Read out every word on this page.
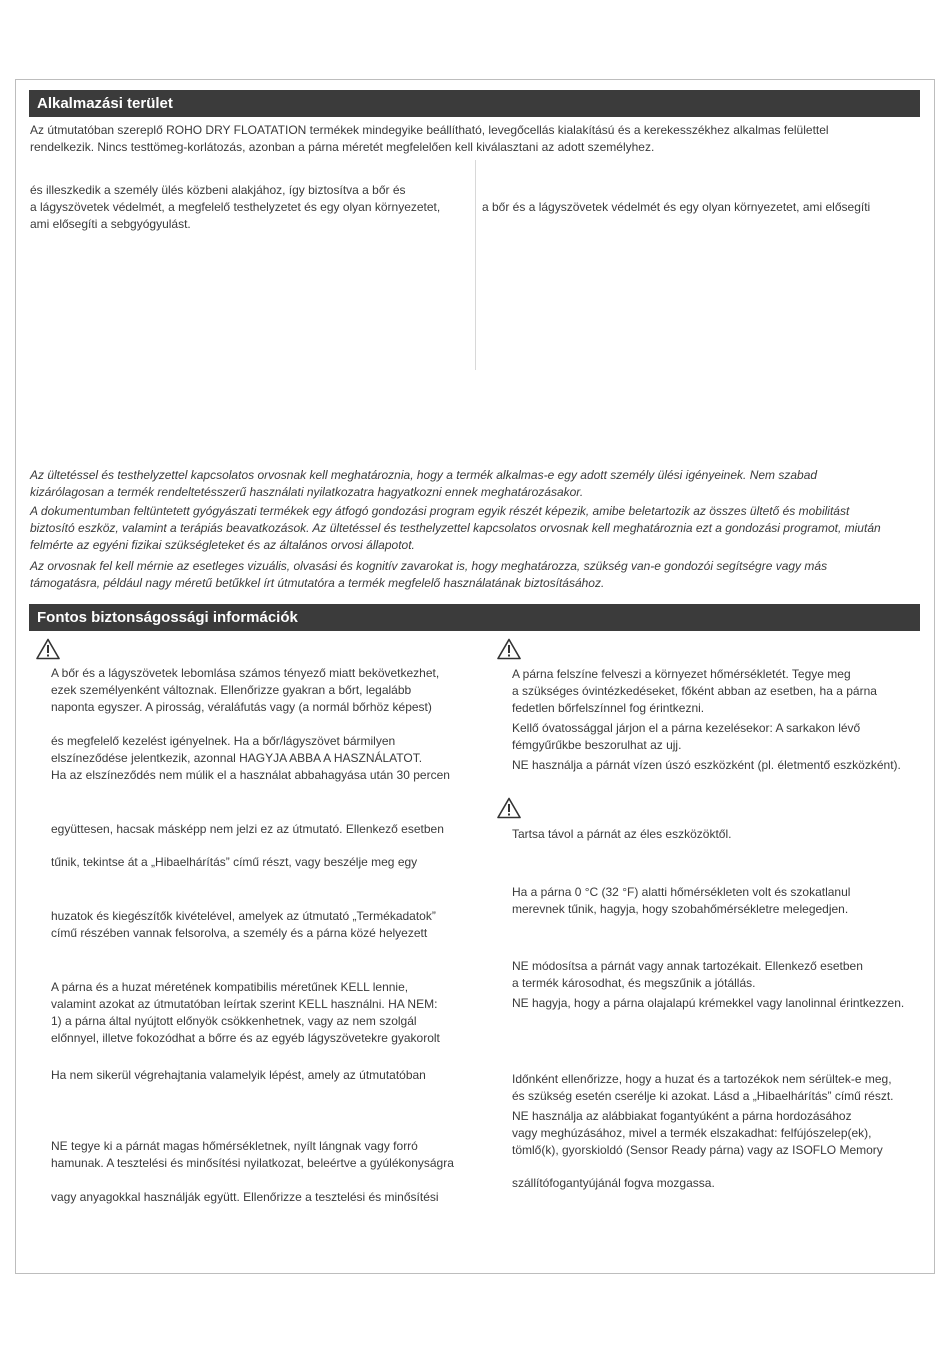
Alkalmazási terület
Az útmutatóban szereplő ROHO DRY FLOATATION termékek mindegyike beállítható, levegőcellás kialakítású és a kerekesszékhez alkalmas felülettel
rendelkezik. Nincs testtömeg-korlátozás, azonban a párna méretét megfelelően kell kiválasztani az adott személyhez.
és illeszkedik a személy ülés közbeni alakjához, így biztosítva a bőr és
a lágyszövetek védelmét, a megfelelő testhelyzetet és egy olyan környezetet,
ami elősegíti a sebgyógyulást.
a bőr és a lágyszövetek védelmét és egy olyan környezetet, ami elősegíti
Az ültetéssel és testhelyzettel kapcsolatos orvosnak kell meghatároznia, hogy a termék alkalmas-e egy adott személy ülési igényeinek. Nem szabad
kizárólagosan a termék rendeltetésszerű használati nyilatkozatra hagyatkozni ennek meghatározásakor.
A dokumentumban feltüntetett gyógyászati termékek egy átfogó gondozási program egyik részét képezik, amibe beletartozik az összes ültető és mobilitást
biztosító eszköz, valamint a terápiás beavatkozások. Az ültetéssel és testhelyzettel kapcsolatos orvosnak kell meghatároznia ezt a gondozási programot, miután
felmérte az egyéni fizikai szükségleteket és az általános orvosi állapotot.
Az orvosnak fel kell mérnie az esetleges vizuális, olvasási és kognitív zavarokat is, hogy meghatározza, szükség van-e gondozói segítségre vagy más
támogatásra, például nagy méretű betűkkel írt útmutatóra a termék megfelelő használatának biztosításához.
Fontos biztonságossági információk
A bőr és a lágyszövetek lebomlása számos tényező miatt bekövetkezhet,
ezek személyenként változnak. Ellenőrizze gyakran a bőrt, legalább
naponta egyszer. A pirosság, véraláfutás vagy (a normál bőrhöz képest)
és megfelelő kezelést igényelnek. Ha a bőr/lágyszövet bármilyen
elszíneződése jelentkezik, azonnal HAGYJA ABBA A HASZNÁLATOT.
Ha az elszíneződés nem múlik el a használat abbahagyása után 30 percen
együttesen, hacsak másképp nem jelzi ez az útmutató. Ellenkező esetben
tűnik, tekintse át a „Hibaelhárítás” című részt, vagy beszélje meg egy
huzatok és kiegészítők kivételével, amelyek az útmutató „Termékadatok”
című részében vannak felsorolva, a személy és a párna közé helyezett
A párna és a huzat méretének kompatibilis méretűnek KELL lennie,
valamint azokat az útmutatóban leírtak szerint KELL használni. HA NEM:
1) a párna által nyújtott előnyök csökkenhetnek, vagy az nem szolgál
előnnyel, illetve fokozódhat a bőrre és az egyéb lágyszövetekre gyakorolt
Ha nem sikerül végrehajtania valamelyik lépést, amely az útmutatóban
NE tegye ki a párnát magas hőmérsékletnek, nyílt lángnak vagy forró
hamunak. A tesztelési és minősítési nyilatkozat, beleértve a gyúlékonyságra
vagy anyagokkal használják együtt. Ellenőrizze a tesztelési és minősítési
A párna felszíne felveszi a környezet hőmérsékletét. Tegye meg
a szükséges óvintézkedéseket, főként abban az esetben, ha a párna
fedetlen bőrfelszínnel fog érintkezni.
Kellő óvatossággal járjon el a párna kezelésekor: A sarkakon lévő
fémgyűrűkbe beszorulhat az ujj.
NE használja a párnát vízen úszó eszközként (pl. életmentő eszközként).
Tartsa távol a párnát az éles eszközöktől.
Ha a párna 0 °C (32 °F) alatti hőmérsékleten volt és szokatlanul
merevnek tűnik, hagyja, hogy szobahőmérsékletre melegedjen.
NE módosítsa a párnát vagy annak tartozékait. Ellenkező esetben
a termék károsodhat, és megszűnik a jótállás.
NE hagyja, hogy a párna olajalapú krémekkel vagy lanolinnal érintkezzen.
Időnként ellenőrizze, hogy a huzat és a tartozékok nem sérültek-e meg,
és szükség esetén cserélje ki azokat. Lásd a „Hibaelhárítás” című részt.
NE használja az alábbiakat fogantyúként a párna hordozásához
vagy meghúzásához, mivel a termék elszakadhat: felfújószelep(ek),
tömlő(k), gyorskioldó (Sensor Ready párna) vagy az ISOFLO Memory
szállítófogantyújánál fogva mozgassa.
